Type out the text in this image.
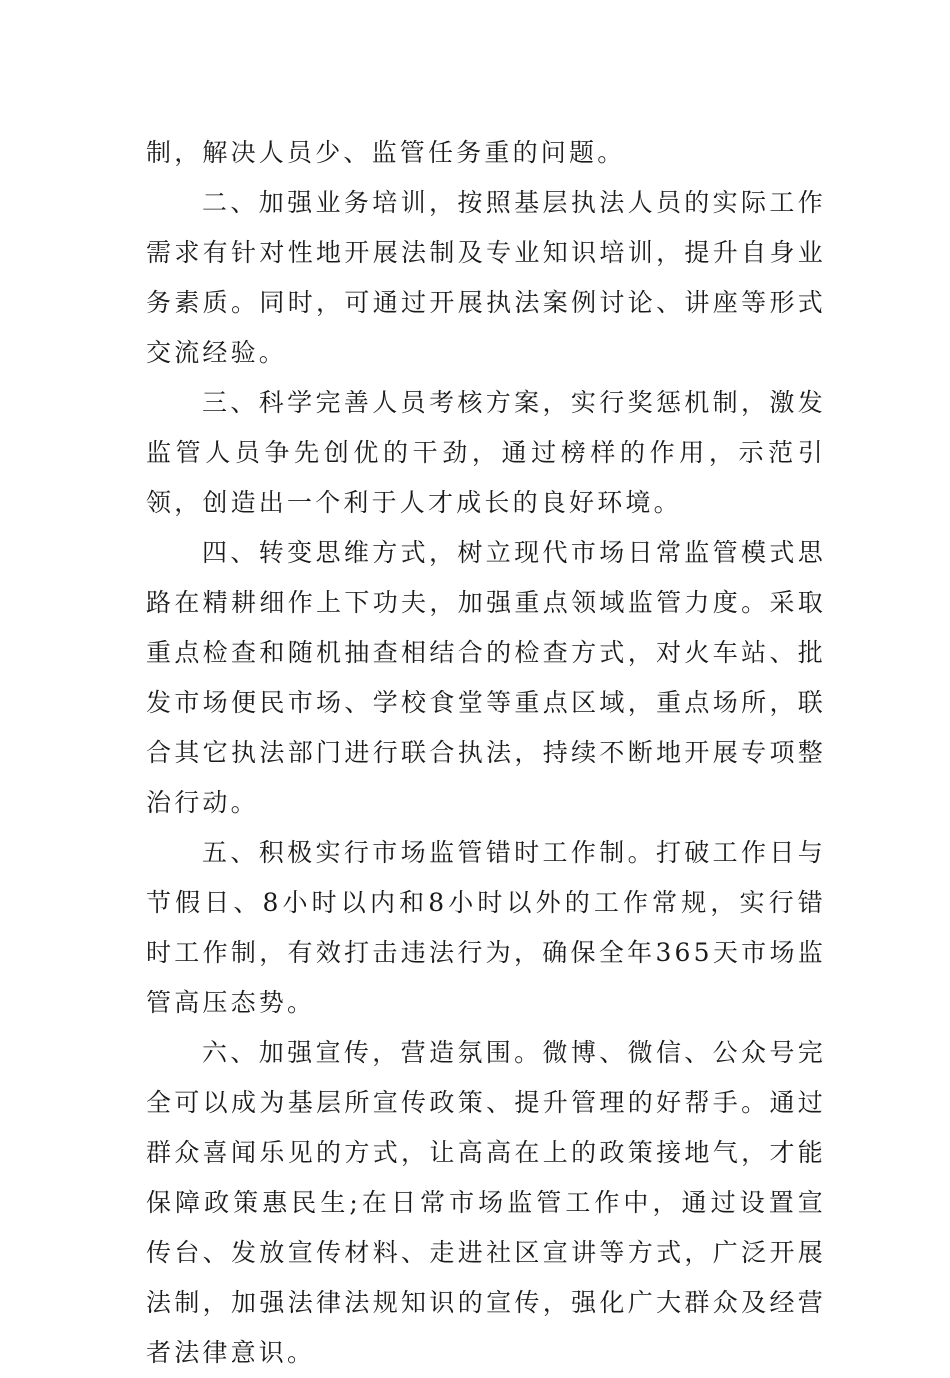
制，解决人员少、监管任务重的问题。

二、加强业务培训，按照基层执法人员的实际工作需求有针对性地开展法制及专业知识培训，提升自身业务素质。同时，可通过开展执法案例讨论、讲座等形式交流经验。

三、科学完善人员考核方案，实行奖惩机制，激发监管人员争先创优的干劲，通过榜样的作用，示范引领，创造出一个利于人才成长的良好环境。

四、转变思维方式，树立现代市场日常监管模式思路在精耕细作上下功夫，加强重点领域监管力度。采取重点检查和随机抽查相结合的检查方式，对火车站、批发市场便民市场、学校食堂等重点区域，重点场所，联合其它执法部门进行联合执法，持续不断地开展专项整治行动。

五、积极实行市场监管错时工作制。打破工作日与节假日、8小时以内和8小时以外的工作常规，实行错时工作制，有效打击违法行为，确保全年365天市场监管高压态势。

六、加强宣传，营造氛围。微博、微信、公众号完全可以成为基层所宣传政策、提升管理的好帮手。通过群众喜闻乐见的方式，让高高在上的政策接地气，才能保障政策惠民生;在日常市场监管工作中，通过设置宣传台、发放宣传材料、走进社区宣讲等方式，广泛开展法制，加强法律法规知识的宣传，强化广大群众及经营者法律意识。
